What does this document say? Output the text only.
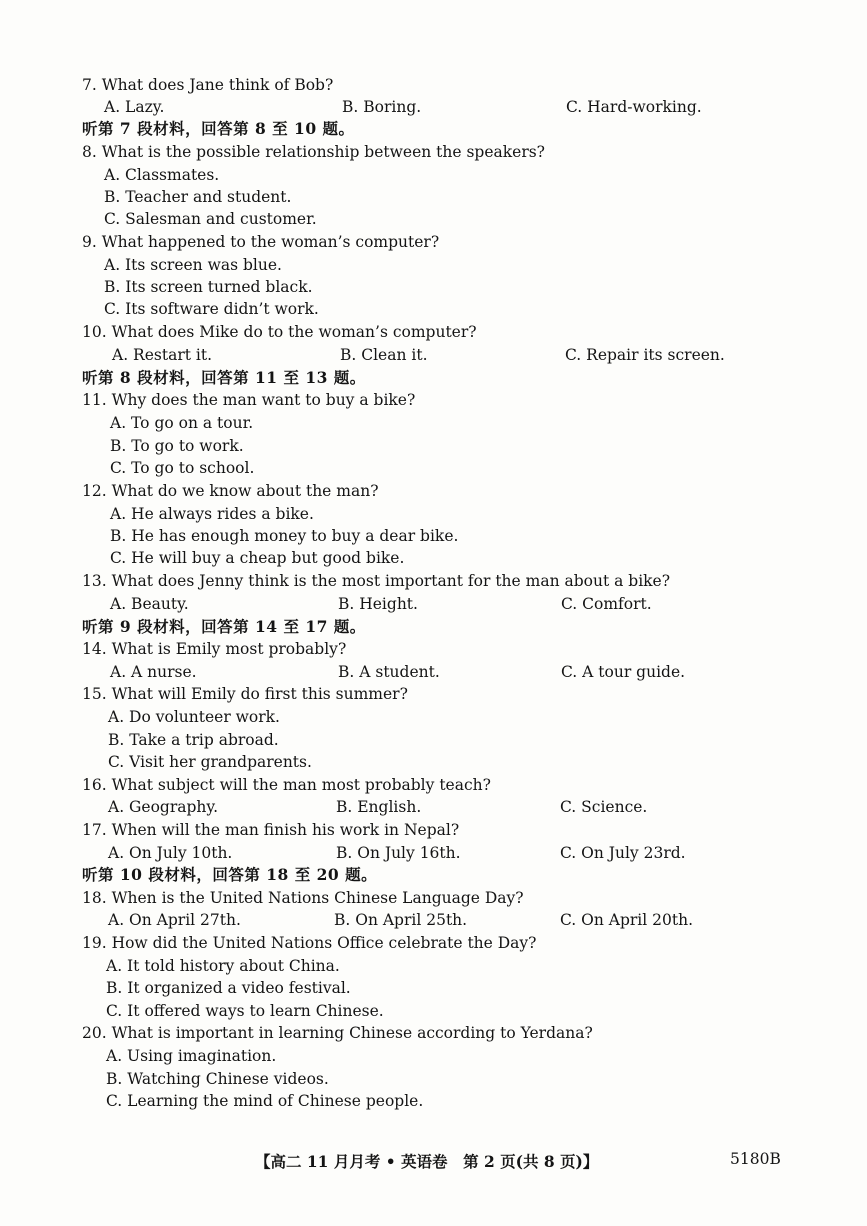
7. What does Jane think of Bob?
A. Lazy.	B. Boring.	C. Hard-working.
听第 7 段材料，回答第 8 至 10 题。
8. What is the possible relationship between the speakers?
A. Classmates.
B. Teacher and student.
C. Salesman and customer.
9. What happened to the woman’s computer?
A. Its screen was blue.
B. Its screen turned black.
C. Its software didn’t work.
10. What does Mike do to the woman’s computer?
A. Restart it.	B. Clean it.	C. Repair its screen.
听第 8 段材料，回答第 11 至 13 题。
11. Why does the man want to buy a bike?
A. To go on a tour.
B. To go to work.
C. To go to school.
12. What do we know about the man?
A. He always rides a bike.
B. He has enough money to buy a dear bike.
C. He will buy a cheap but good bike.
13. What does Jenny think is the most important for the man about a bike?
A. Beauty.	B. Height.	C. Comfort.
听第 9 段材料，回答第 14 至 17 题。
14. What is Emily most probably?
A. A nurse.	B. A student.	C. A tour guide.
15. What will Emily do first this summer?
A. Do volunteer work.
B. Take a trip abroad.
C. Visit her grandparents.
16. What subject will the man most probably teach?
A. Geography.	B. English.	C. Science.
17. When will the man finish his work in Nepal?
A. On July 10th.	B. On July 16th.	C. On July 23rd.
听第 10 段材料，回答第 18 至 20 题。
18. When is the United Nations Chinese Language Day?
A. On April 27th.	B. On April 25th.	C. On April 20th.
19. How did the United Nations Office celebrate the Day?
A. It told history about China.
B. It organized a video festival.
C. It offered ways to learn Chinese.
20. What is important in learning Chinese according to Yerdana?
A. Using imagination.
B. Watching Chinese videos.
C. Learning the mind of Chinese people.
【高二 11 月月考 • 英语卷　第 2 页(共 8 页)】	5180B
